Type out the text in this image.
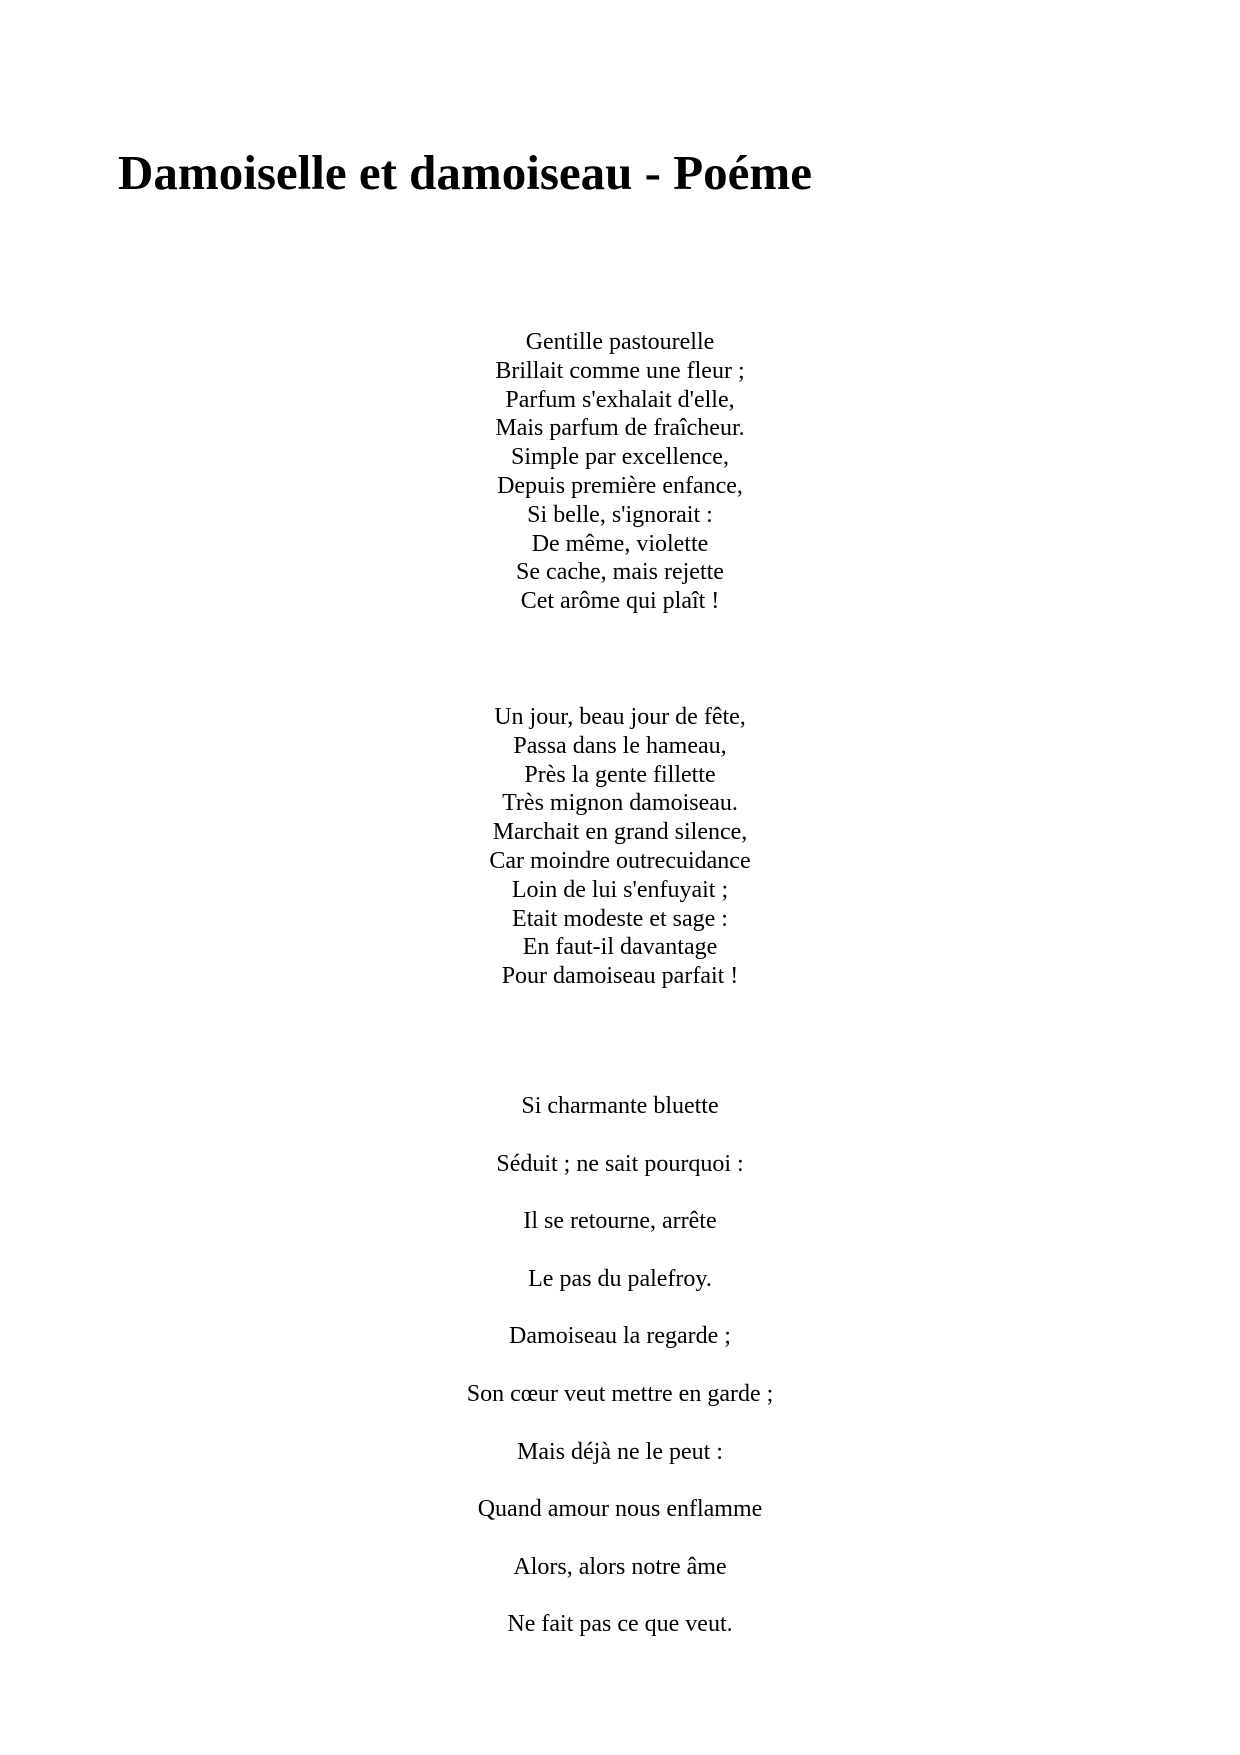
Damoiselle et damoiseau - Poéme
Gentille pastourelle
Brillait comme une fleur ;
Parfum s'exhalait d'elle,
Mais parfum de fraîcheur.
Simple par excellence,
Depuis première enfance,
Si belle, s'ignorait :
De même, violette
Se cache, mais rejette
Cet arôme qui plaît !
Un jour, beau jour de fête,
Passa dans le hameau,
Près la gente fillette
Très mignon damoiseau.
Marchait en grand silence,
Car moindre outrecuidance
Loin de lui s'enfuyait ;
Etait modeste et sage :
En faut-il davantage
Pour damoiseau parfait !
Si charmante bluette
Séduit ; ne sait pourquoi :
Il se retourne, arrête
Le pas du palefroy.
Damoiseau la regarde ;
Son cœur veut mettre en garde ;
Mais déjà ne le peut :
Quand amour nous enflamme
Alors, alors notre âme
Ne fait pas ce que veut.
